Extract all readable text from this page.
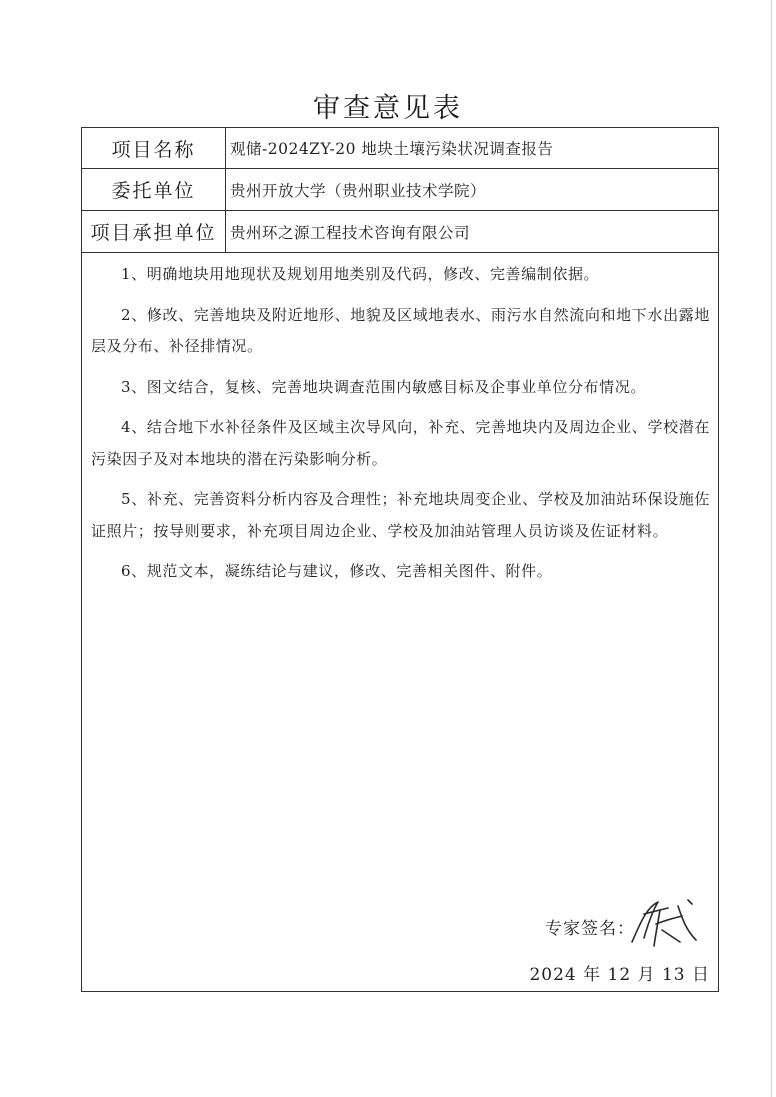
审查意见表
项目名称	观储-2024ZY-20 地块土壤污染状况调查报告
委托单位	贵州开放大学（贵州职业技术学院）
项目承担单位 贵州环之源工程技术咨询有限公司

1、明确地块用地现状及规划用地类别及代码，修改、完善编制依据。

2、修改、完善地块及附近地形、地貌及区域地表水、雨污水自然流向和地下水出露地层及分布、补径排情况。

3、图文结合，复核、完善地块调查范围内敏感目标及企事业单位分布情况。

4、结合地下水补径条件及区域主次导风向，补充、完善地块内及周边企业、学校潜在污染因子及对本地块的潜在污染影响分析。

5、补充、完善资料分析内容及合理性；补充地块周变企业、学校及加油站环保设施佐证照片；按导则要求，补充项目周边企业、学校及加油站管理人员访谈及佐证材料。

6、规范文本，凝练结论与建议，修改、完善相关图件、附件。

专家签名：
2024 年 12 月 13 日
